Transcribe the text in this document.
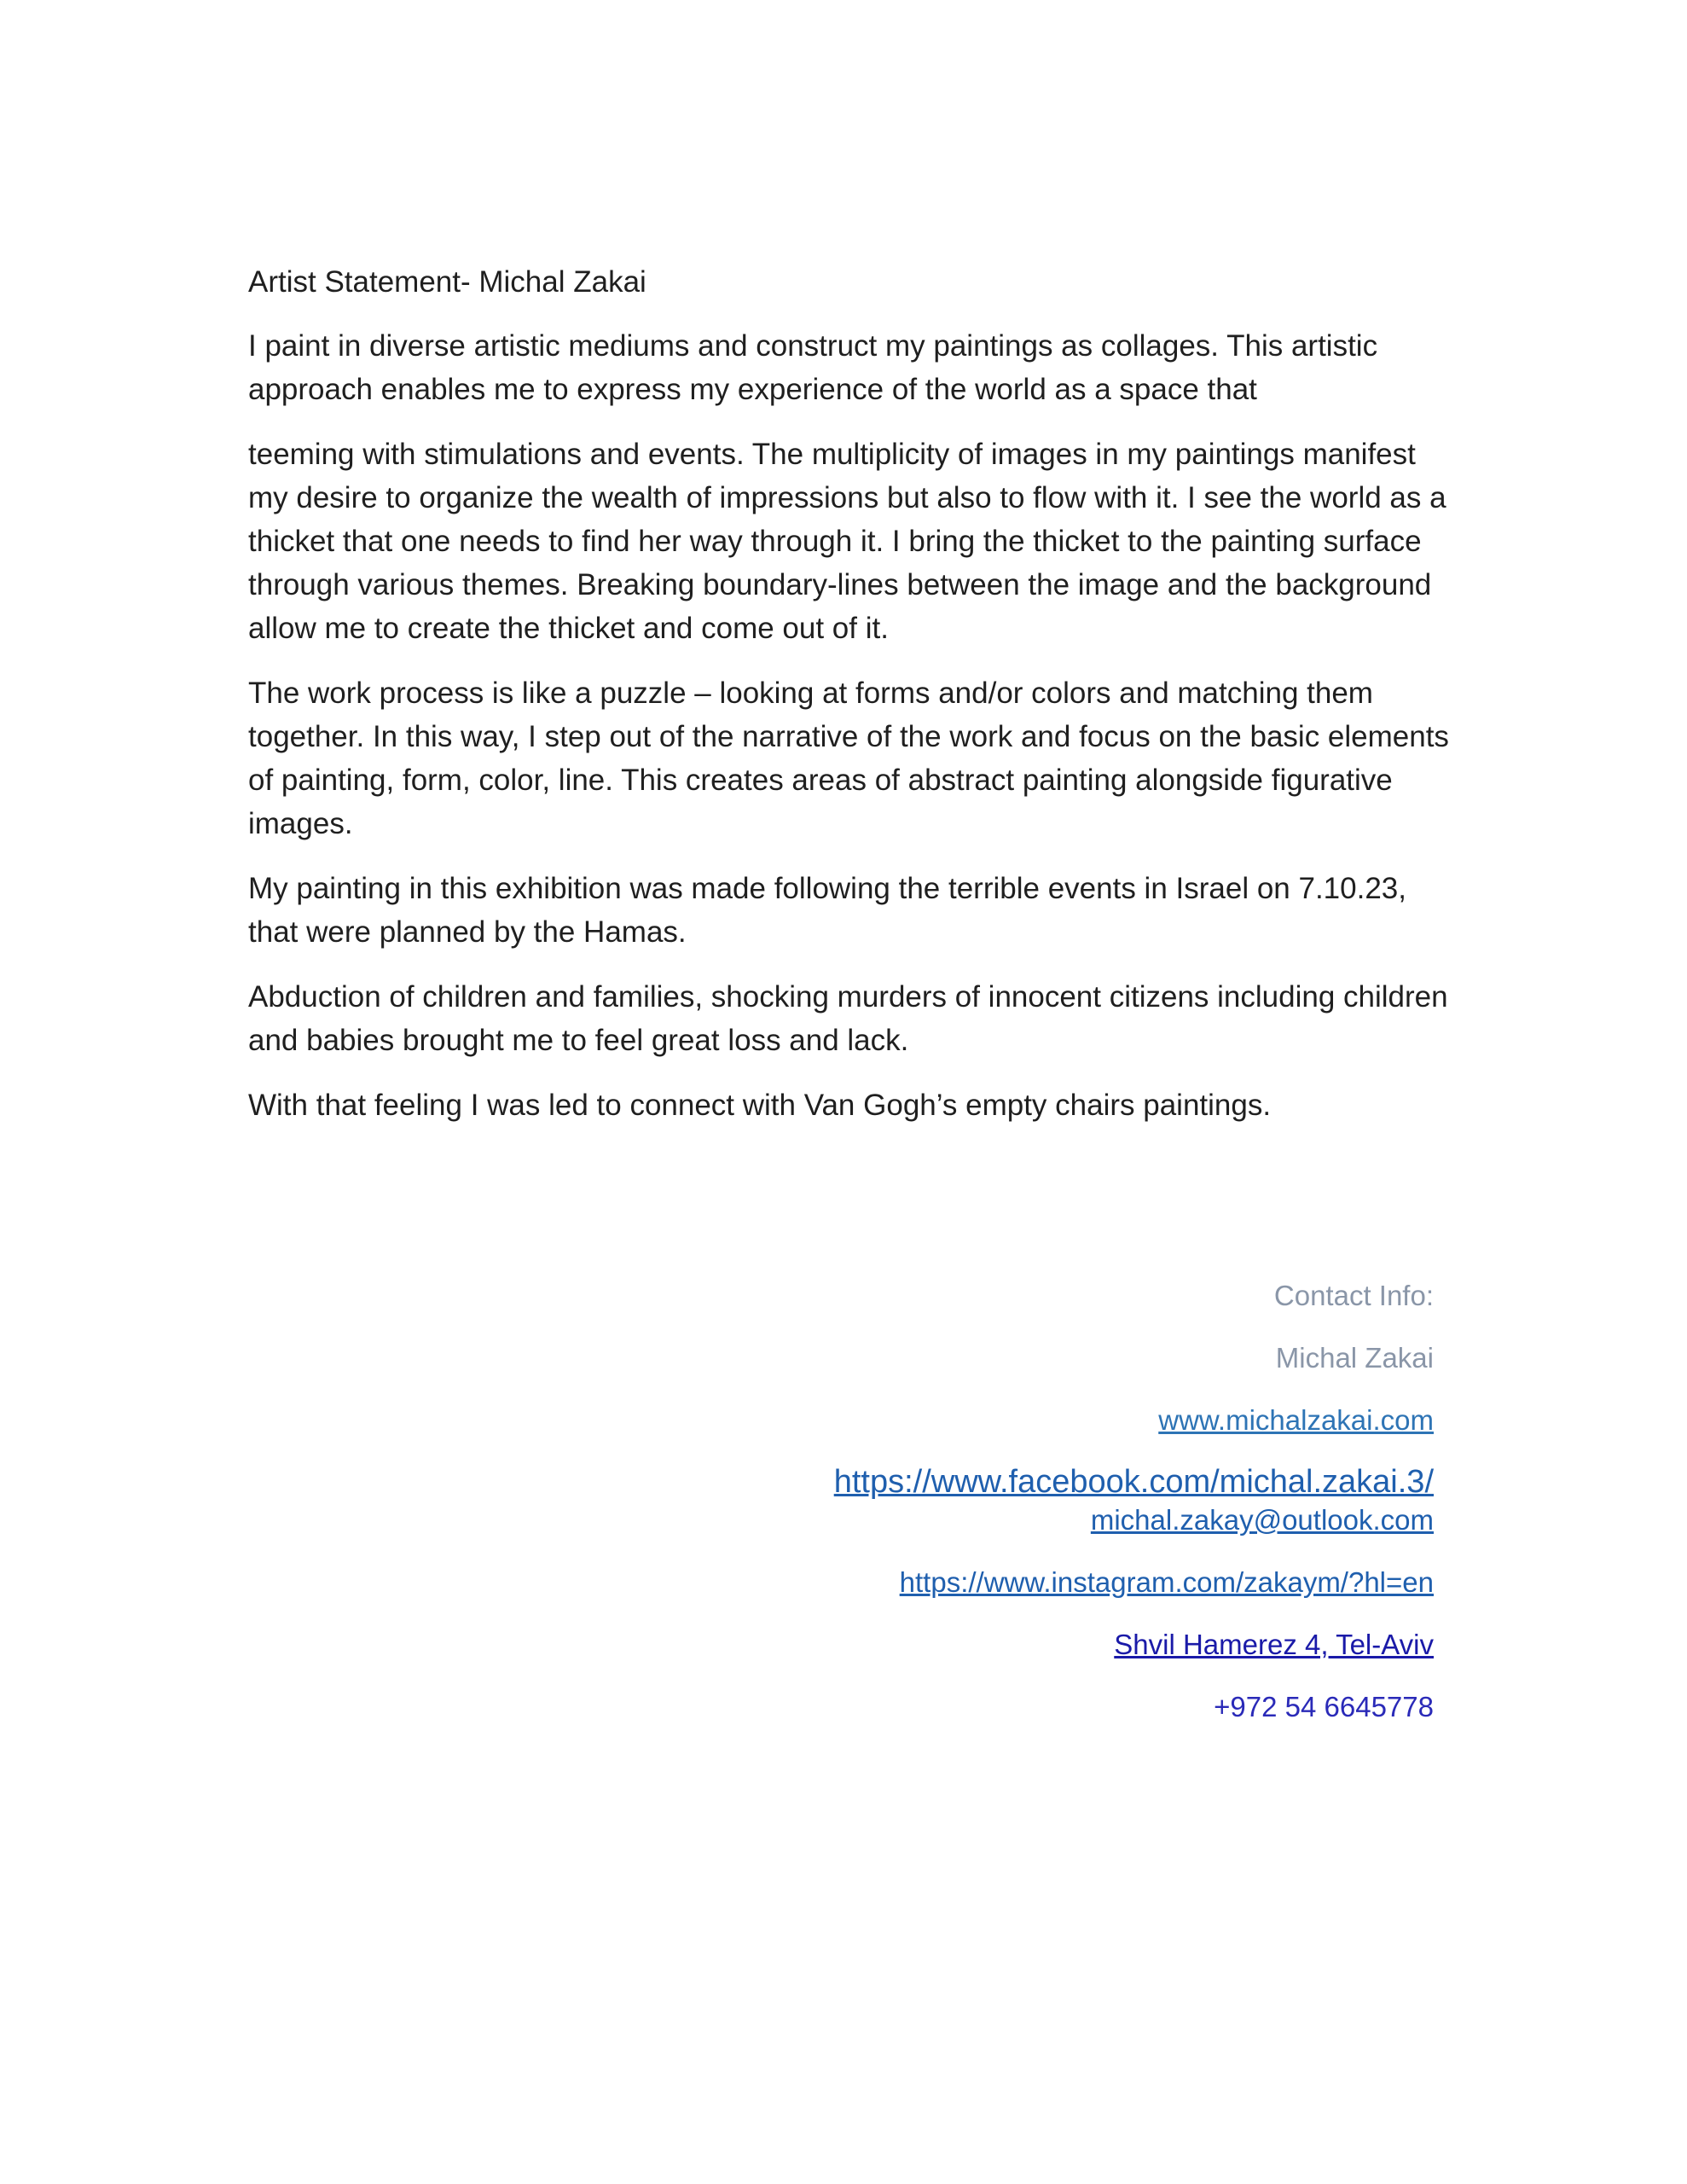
Artist Statement- Michal Zakai

I paint in diverse artistic mediums and construct my paintings as collages. This artistic approach enables me to express my experience of the world as a space that

teeming with stimulations and events. The multiplicity of images in my paintings manifest my desire to organize the wealth of impressions but also to flow with it. I see the world as a thicket that one needs to find her way through it. I bring the thicket to the painting surface through various themes. Breaking boundary-lines between the image and the background allow me to create the thicket and come out of it.

The work process is like a puzzle – looking at forms and/or colors and matching them together. In this way, I step out of the narrative of the work and focus on the basic elements of painting, form, color, line. This creates areas of abstract painting alongside figurative images.

My painting in this exhibition was made following the terrible events in Israel on 7.10.23, that were planned by the Hamas.

Abduction of children and families, shocking murders of innocent citizens including children and babies brought me to feel great loss and lack.

With that feeling I was led to connect with Van Gogh’s empty chairs paintings.

Contact Info:
Michal Zakai
www.michalzakai.com
https://www.facebook.com/michal.zakai.3/
michal.zakay@outlook.com
https://www.instagram.com/zakaym/?hl=en
Shvil Hamerez 4, Tel-Aviv
+972 54 6645778
